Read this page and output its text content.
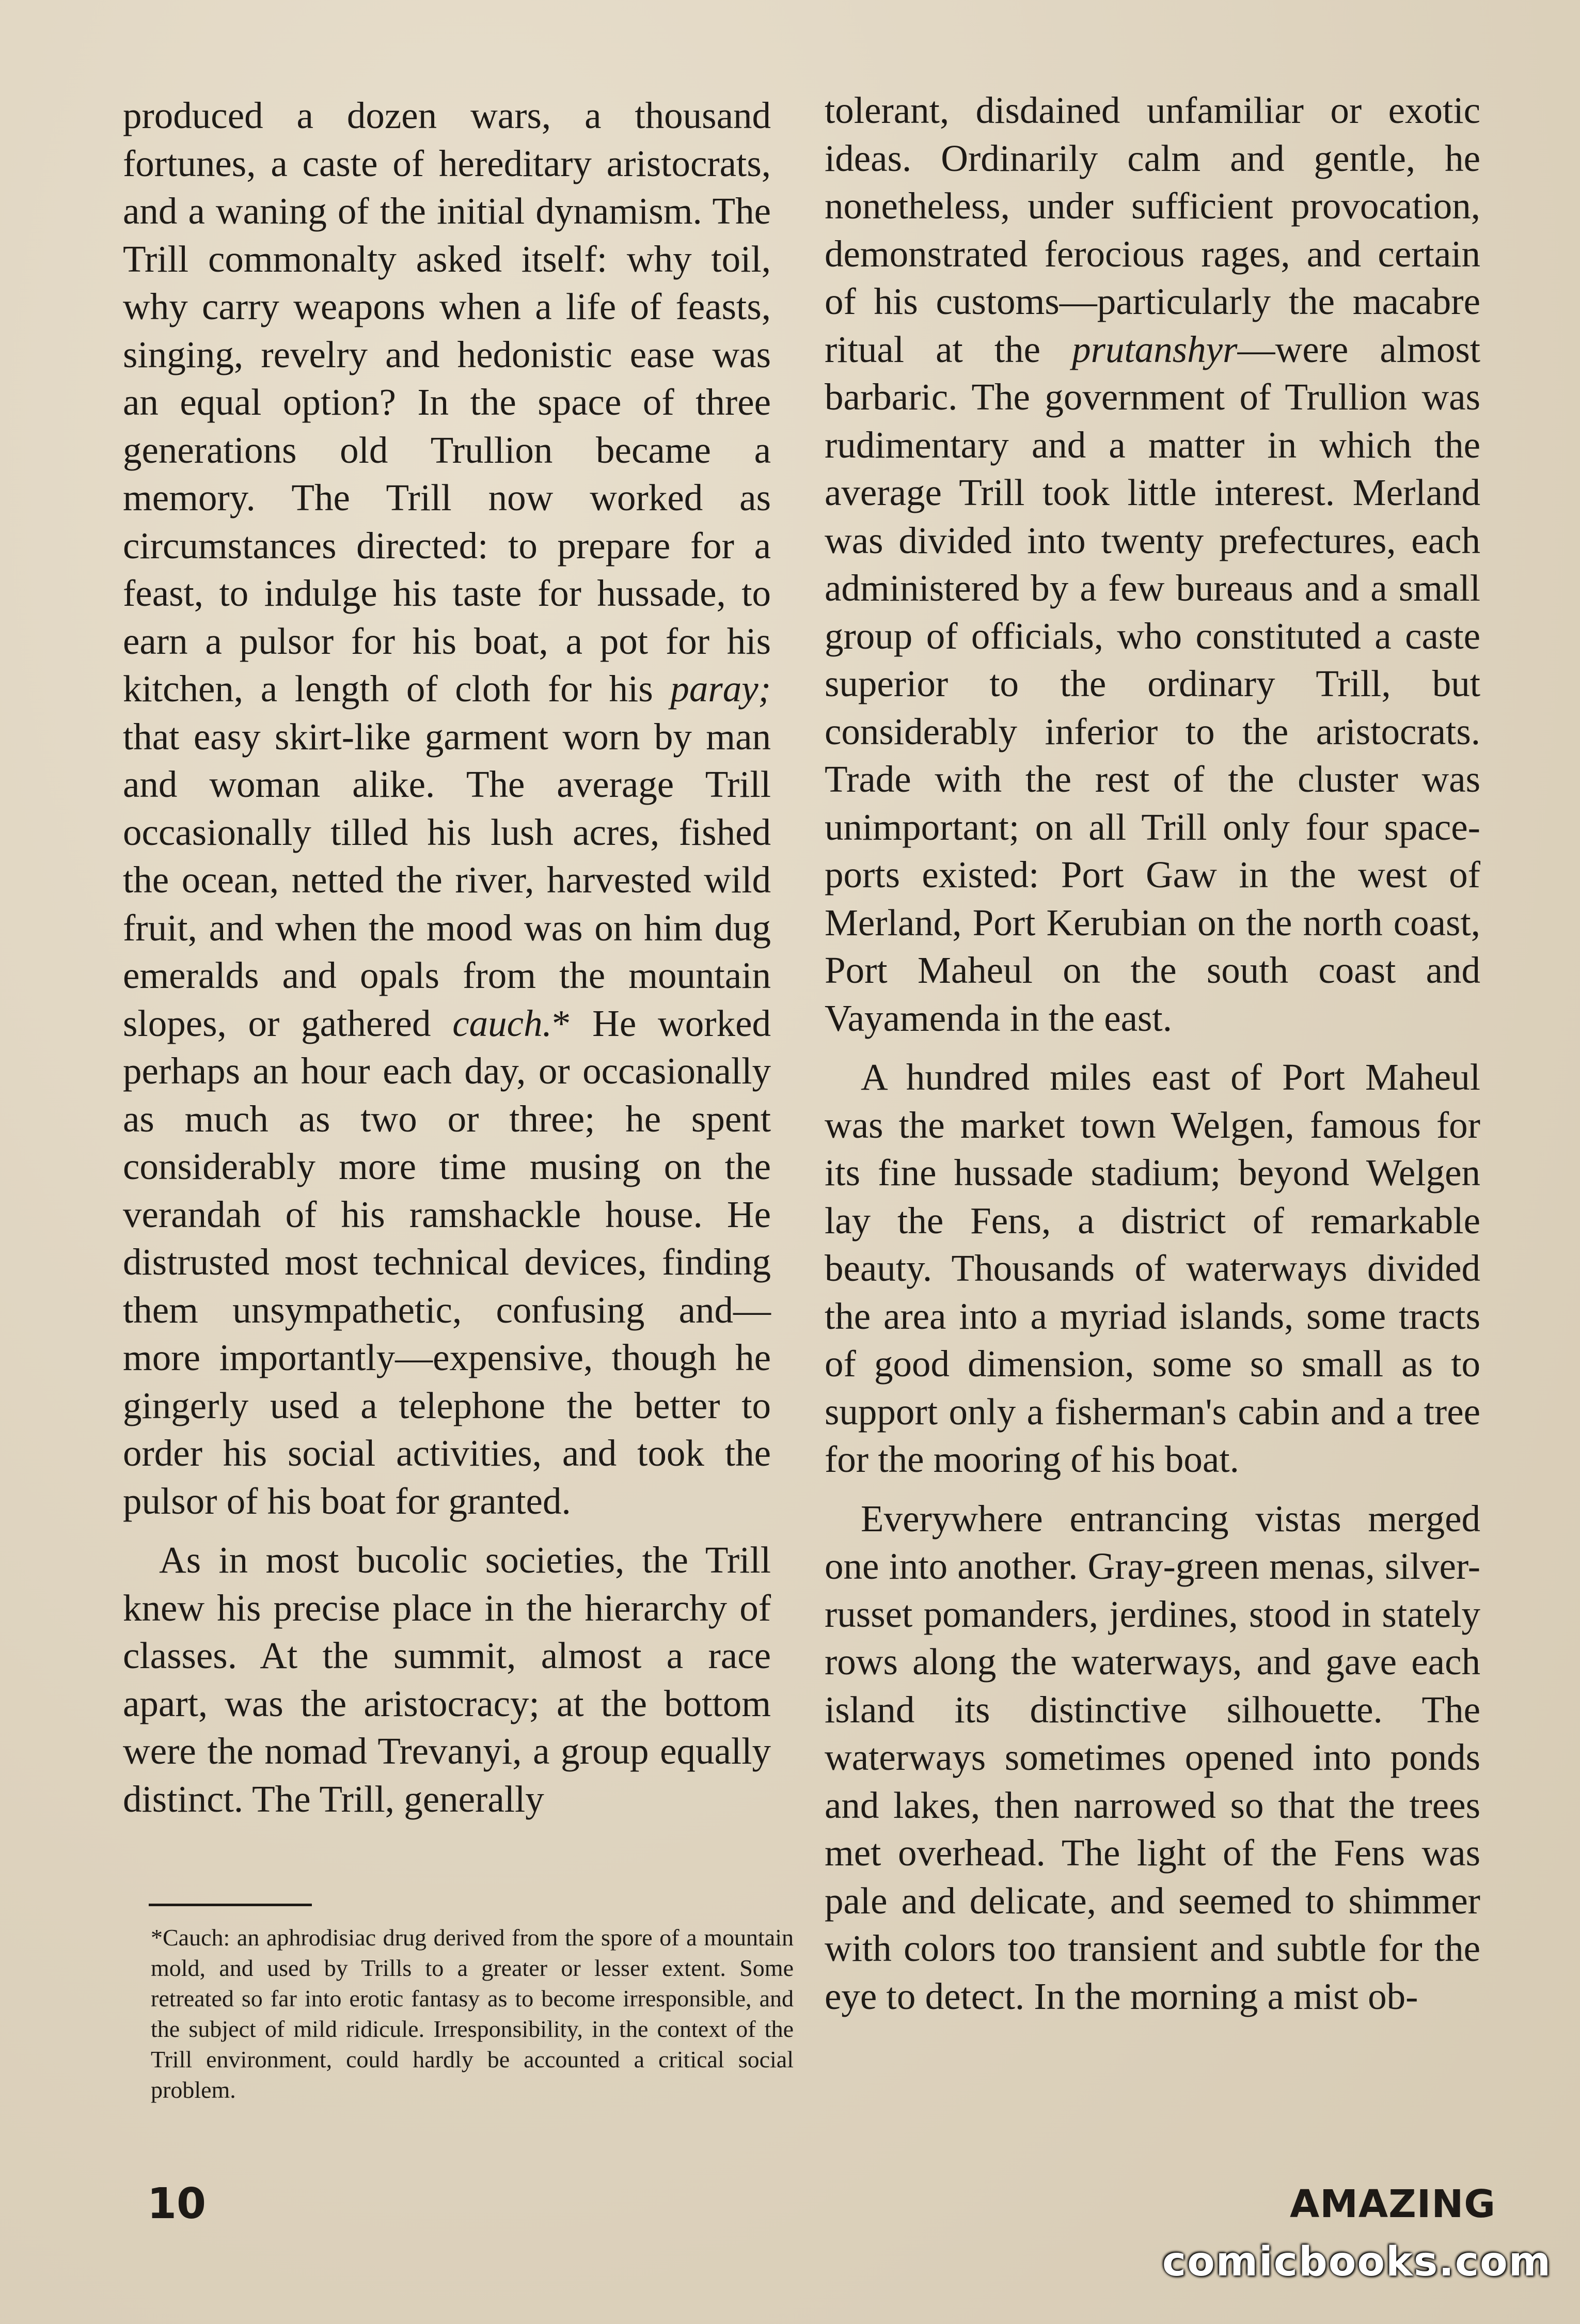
produced a dozen wars, a thousand fortunes, a caste of hereditary aristocrats, and a waning of the initial dynamism. The Trill commonalty asked itself: why toil, why carry weapons when a life of feasts, singing, revelry and hedonistic ease was an equal option? In the space of three generations old Trullion became a memory. The Trill now worked as circumstances directed: to prepare for a feast, to indulge his taste for hussade, to earn a pulsor for his boat, a pot for his kitchen, a length of cloth for his paray; that easy skirt-like garment worn by man and woman alike. The average Trill occasionally tilled his lush acres, fished the ocean, netted the river, harvested wild fruit, and when the mood was on him dug emeralds and opals from the mountain slopes, or gathered cauch.* He worked perhaps an hour each day, or occasionally as much as two or three; he spent considerably more time musing on the verandah of his ramshackle house. He distrusted most technical devices, finding them unsympathetic, confusing and—more importantly—expensive, though he gingerly used a telephone the better to order his social activities, and took the pulsor of his boat for granted.

As in most bucolic societies, the Trill knew his precise place in the hierarchy of classes. At the summit, almost a race apart, was the aristocracy; at the bottom were the nomad Trevanyi, a group equally distinct. The Trill, generally

*Cauch: an aphrodisiac drug derived from the spore of a mountain mold, and used by Trills to a greater or lesser extent. Some retreated so far into erotic fantasy as to become irresponsible, and the subject of mild ridicule. Irresponsibility, in the context of the Trill environment, could hardly be accounted a critical social problem.

tolerant, disdained unfamiliar or exotic ideas. Ordinarily calm and gentle, he nonetheless, under sufficient provocation, demonstrated ferocious rages, and certain of his customs—particularly the macabre ritual at the prutanshyr—were almost barbaric. The government of Trullion was rudimentary and a matter in which the average Trill took little interest. Merland was divided into twenty prefectures, each administered by a few bureaus and a small group of officials, who constituted a caste superior to the ordinary Trill, but considerably inferior to the aristocrats. Trade with the rest of the cluster was unimportant; on all Trill only four space-ports existed: Port Gaw in the west of Merland, Port Kerubian on the north coast, Port Maheul on the south coast and Vayamenda in the east.

A hundred miles east of Port Maheul was the market town Welgen, famous for its fine hussade stadium; beyond Welgen lay the Fens, a district of remarkable beauty. Thousands of waterways divided the area into a myriad islands, some tracts of good dimension, some so small as to support only a fisherman's cabin and a tree for the mooring of his boat.

Everywhere entrancing vistas merged one into another. Gray-green menas, silver-russet pomanders, jerdines, stood in stately rows along the waterways, and gave each island its distinctive silhouette. The waterways sometimes opened into ponds and lakes, then narrowed so that the trees met overhead. The light of the Fens was pale and delicate, and seemed to shimmer with colors too transient and subtle for the eye to detect. In the morning a mist ob-

10	AMAZING
comicbooks.com
